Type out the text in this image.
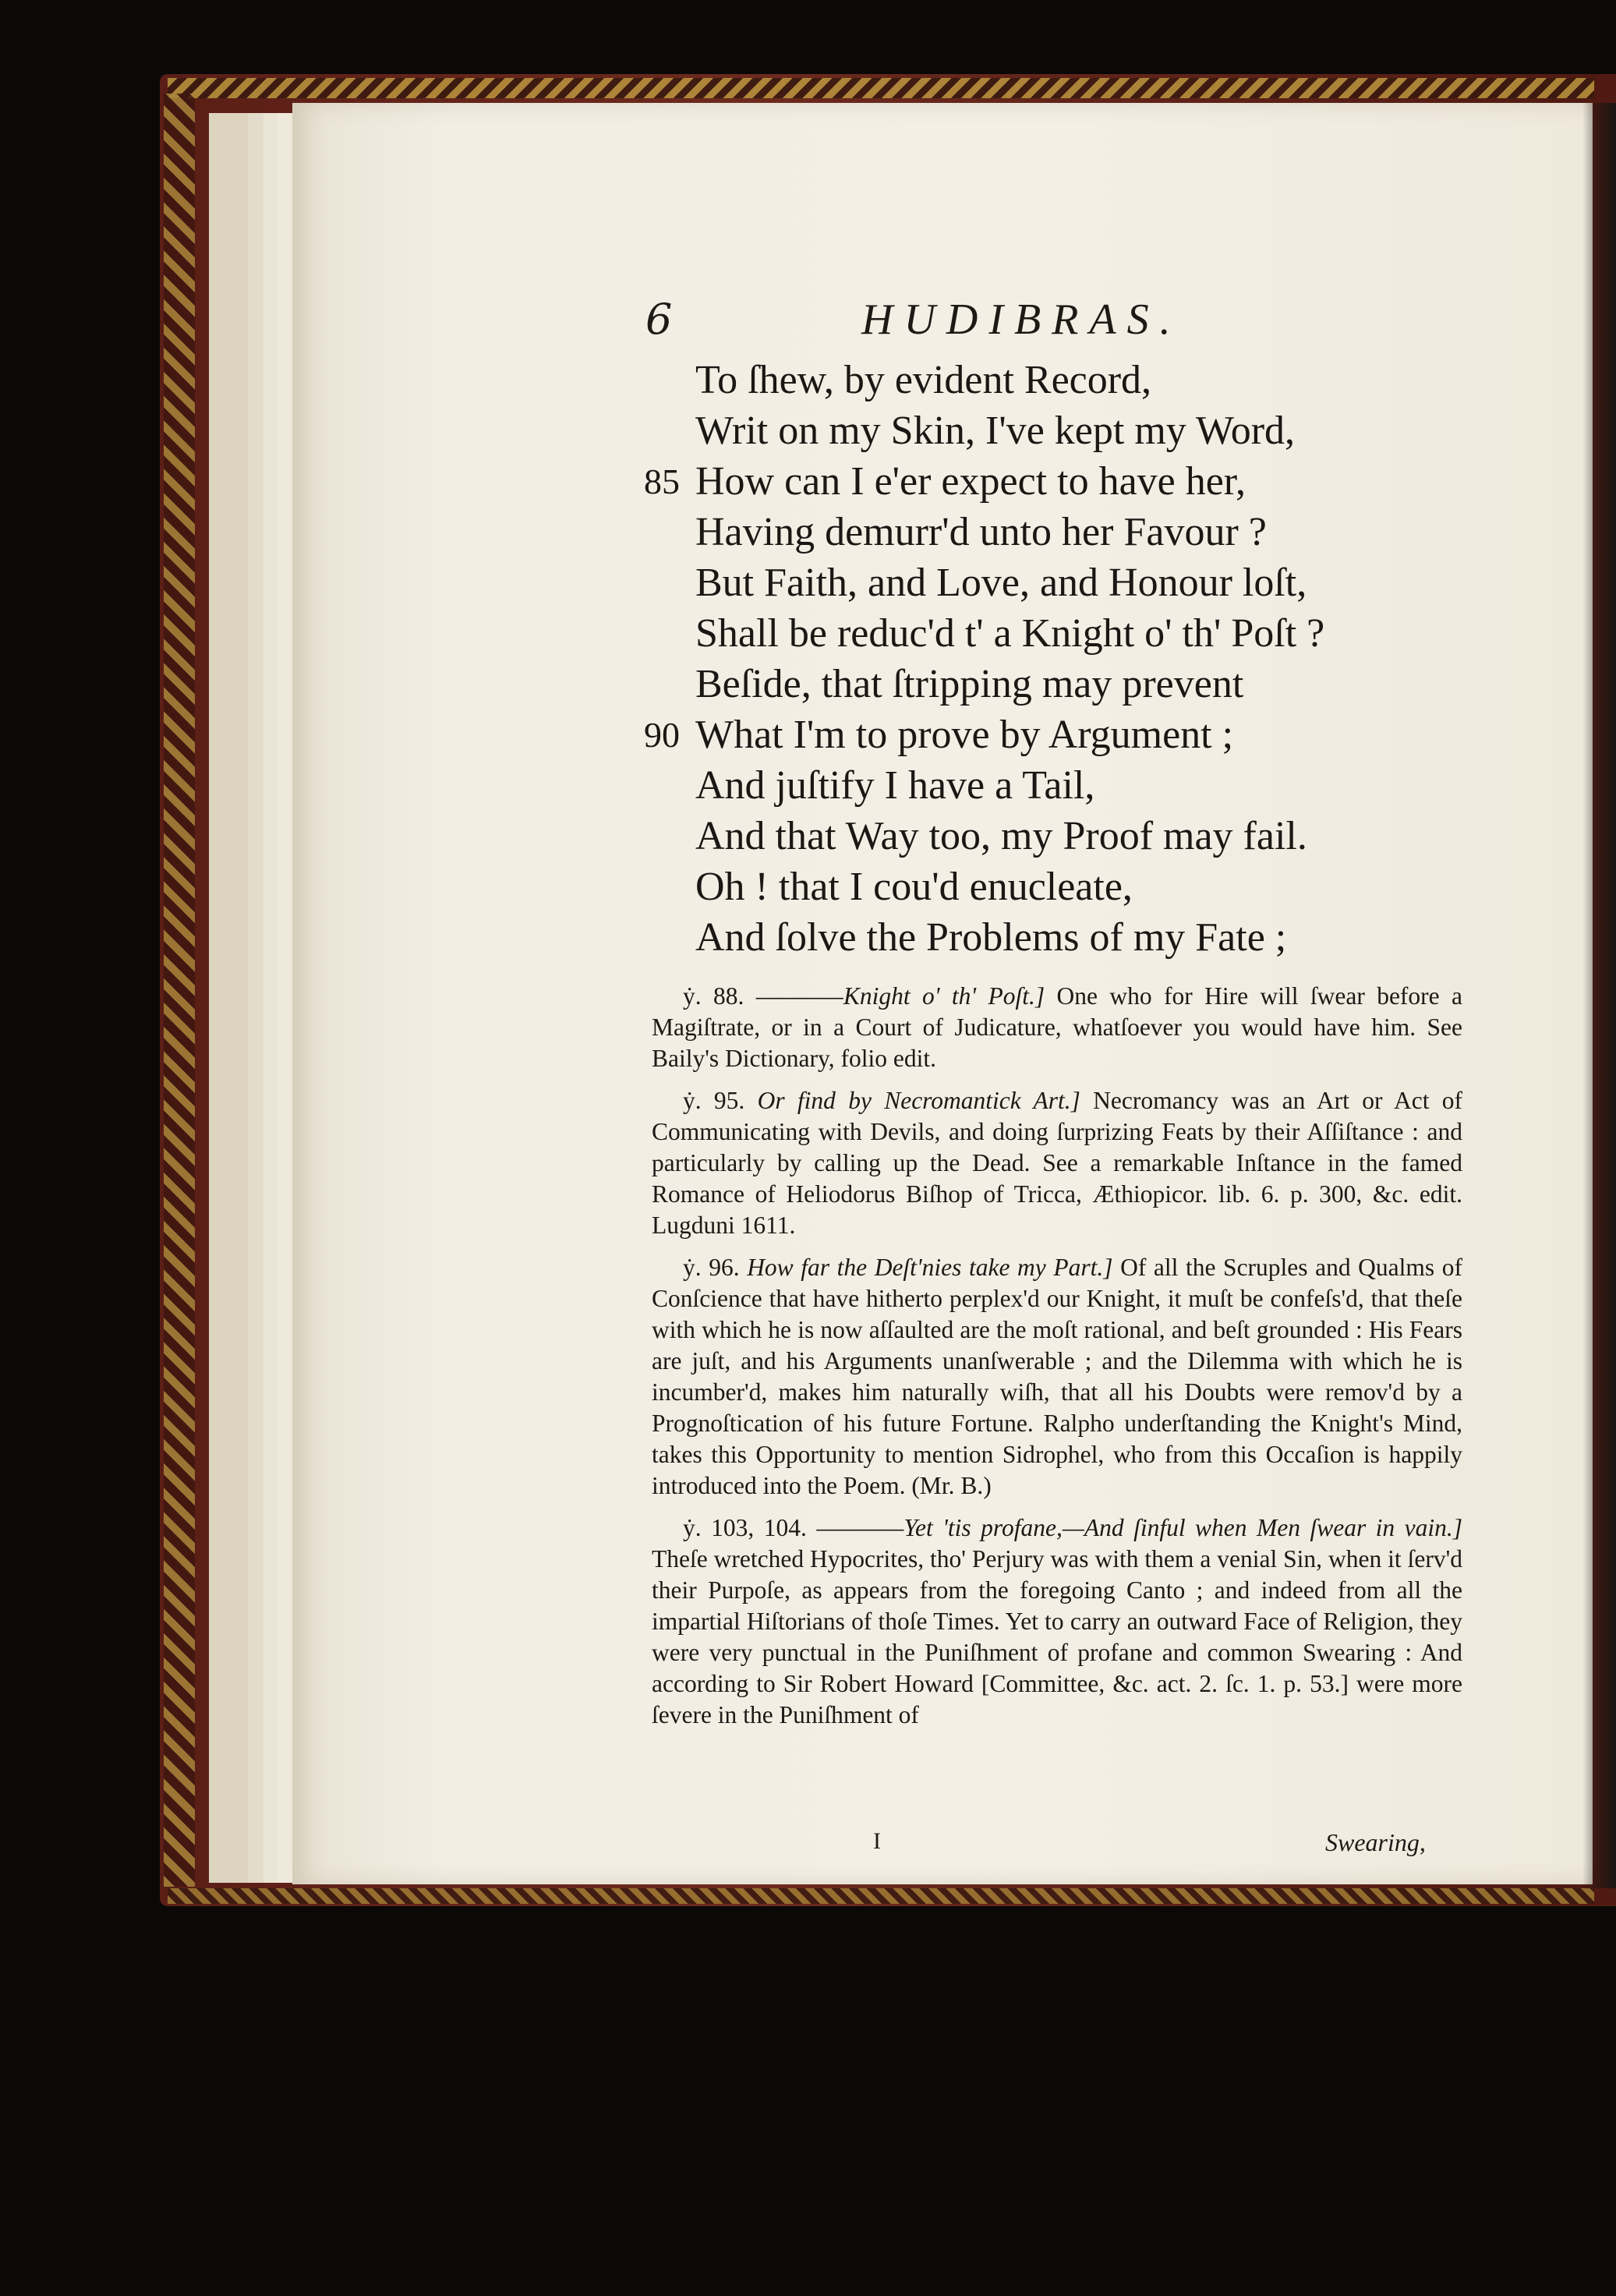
6	HUDIBRAS.
To ſhew, by evident Record,
Writ on my Skin, I've kept my Word,
85 How can I e'er expect to have her,
Having demurr'd unto her Favour ?
But Faith, and Love, and Honour loſt,
Shall be reduc'd t' a Knight o' th' Poſt ?
Beſide, that ſtripping may prevent
90 What I'm to prove by Argument ;
And juſtify I have a Tail,
And that Way too, my Proof may fail.
Oh ! that I cou'd enucleate,
And ſolve the Problems of my Fate ;

ẏ. 88. ————Knight o' th' Poſt.] One who for Hire will ſwear before a Magiſtrate, or in a Court of Judicature, whatſoever you would have him. See Baily's Dictionary, folio edit.

ẏ. 95. Or find by Necromantick Art.] Necromancy was an Art or Act of Communicating with Devils, and doing ſurprizing Feats by their Aſſiſtance : and particularly by calling up the Dead. See a remarkable Inſtance in the famed Romance of Heliodorus Biſhop of Tricca, Æthiopicor. lib. 6. p. 300, &c. edit. Lugduni 1611.

ẏ. 96. How far the Deſt'nies take my Part.] Of all the Scruples and Qualms of Conſcience that have hitherto perplex'd our Knight, it muſt be confeſs'd, that theſe with which he is now aſſaulted are the moſt rational, and beſt grounded : His Fears are juſt, and his Arguments unanſwerable ; and the Dilemma with which he is incumber'd, makes him naturally wiſh, that all his Doubts were remov'd by a Prognoſtication of his future Fortune. Ralpho underſtanding the Knight's Mind, takes this Opportunity to mention Sidrophel, who from this Occaſion is happily introduced into the Poem. (Mr. B.)

ẏ. 103, 104. ————Yet 'tis profane,—And ſinful when Men ſwear in vain.] Theſe wretched Hypocrites, tho' Perjury was with them a venial Sin, when it ſerv'd their Purpoſe, as appears from the foregoing Canto ; and indeed from all the impartial Hiſtorians of thoſe Times. Yet to carry an outward Face of Religion, they were very punctual in the Puniſhment of profane and common Swearing : And according to Sir Robert Howard [Committee, &c. act. 2. ſc. 1. p. 53.] were more ſevere in the Puniſhment of

I	Swearing,
